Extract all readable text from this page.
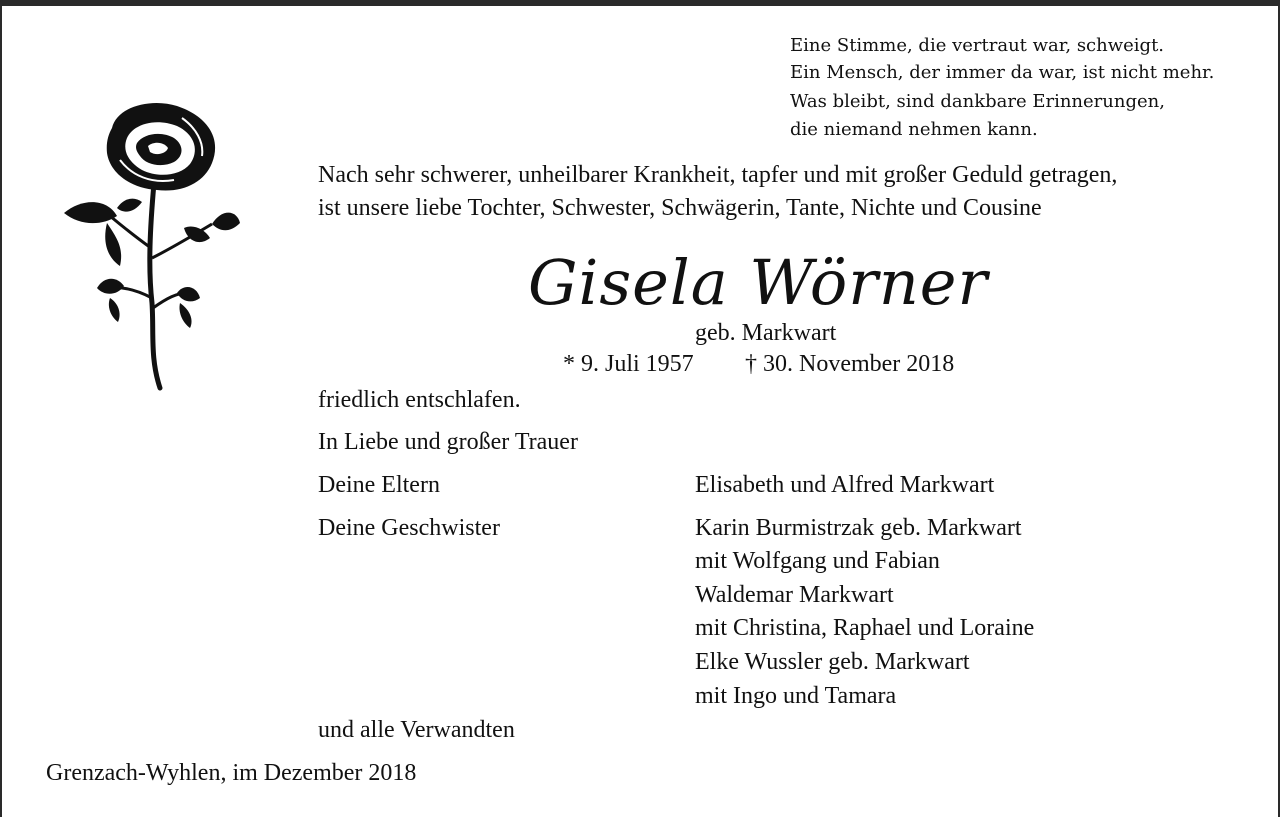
Eine Stimme, die vertraut war, schweigt.
Ein Mensch, der immer da war, ist nicht mehr.
Was bleibt, sind dankbare Erinnerungen,
die niemand nehmen kann.
Nach sehr schwerer, unheilbarer Krankheit, tapfer und mit großer Geduld getragen,
ist unsere liebe Tochter, Schwester, Schwägerin, Tante, Nichte und Cousine
Gisela Wörner
geb. Markwart
* 9. Juli 1957 † 30. November 2018
friedlich entschlafen.
In Liebe und großer Trauer
Deine Eltern	Elisabeth und Alfred Markwart
Deine Geschwister	Karin Burmistrzak geb. Markwart
mit Wolfgang und Fabian
Waldemar Markwart
mit Christina, Raphael und Loraine
Elke Wussler geb. Markwart
mit Ingo und Tamara
und alle Verwandten
Grenzach-Wyhlen, im Dezember 2018
